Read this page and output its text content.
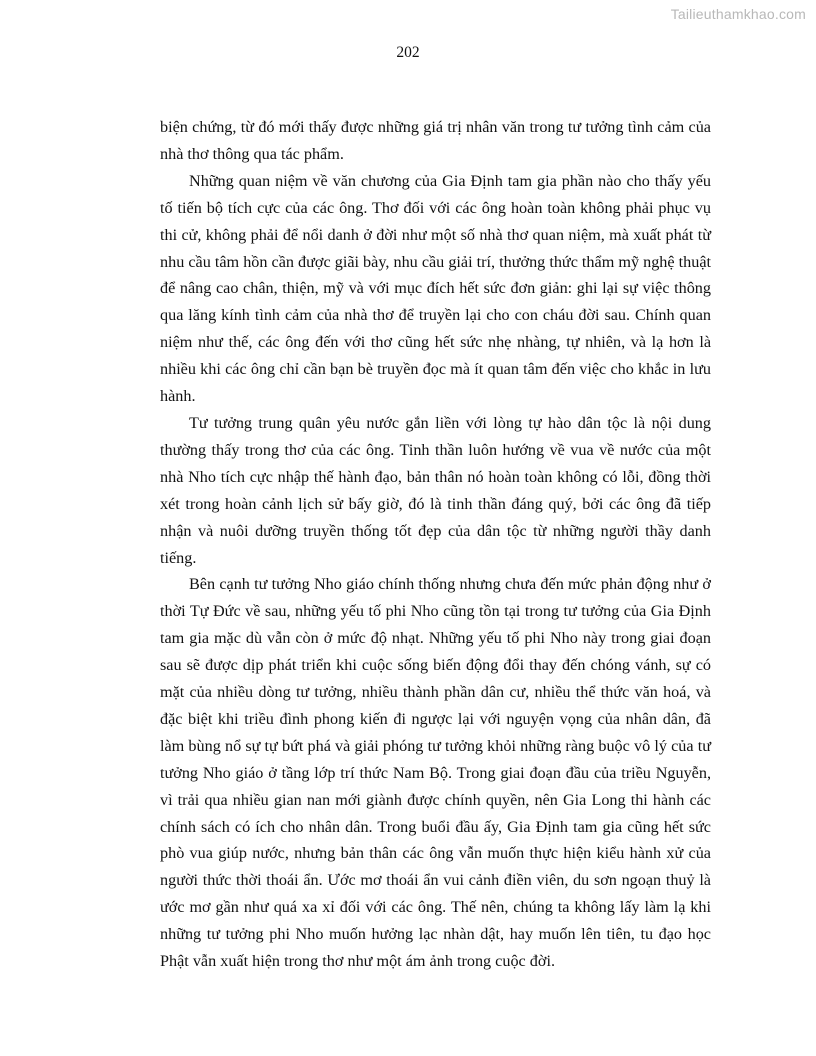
Tailieuthamkhao.com
202

biện chứng, từ đó mới thấy được những giá trị nhân văn trong tư tưởng tình cảm của nhà thơ thông qua tác phẩm.

Những quan niệm về văn chương của Gia Định tam gia phần nào cho thấy yếu tố tiến bộ tích cực của các ông. Thơ đối với các ông hoàn toàn không phải phục vụ thi cử, không phải để nổi danh ở đời như một số nhà thơ quan niệm, mà xuất phát từ nhu cầu tâm hồn cần được giãi bày, nhu cầu giải trí, thưởng thức thẩm mỹ nghệ thuật để nâng cao chân, thiện, mỹ và với mục đích hết sức đơn giản: ghi lại sự việc thông qua lăng kính tình cảm của nhà thơ để truyền lại cho con cháu đời sau. Chính quan niệm như thế, các ông đến với thơ cũng hết sức nhẹ nhàng, tự nhiên, và lạ hơn là nhiều khi các ông chỉ cần bạn bè truyền đọc mà ít quan tâm đến việc cho khắc in lưu hành.

Tư tưởng trung quân yêu nước gắn liền với lòng tự hào dân tộc là nội dung thường thấy trong thơ của các ông. Tinh thần luôn hướng về vua về nước của một nhà Nho tích cực nhập thế hành đạo, bản thân nó hoàn toàn không có lỗi, đồng thời xét trong hoàn cảnh lịch sử bấy giờ, đó là tinh thần đáng quý, bởi các ông đã tiếp nhận và nuôi dưỡng truyền thống tốt đẹp của dân tộc từ những người thầy danh tiếng.

Bên cạnh tư tưởng Nho giáo chính thống nhưng chưa đến mức phản động như ở thời Tự Đức về sau, những yếu tố phi Nho cũng tồn tại trong tư tưởng của Gia Định tam gia mặc dù vẫn còn ở mức độ nhạt. Những yếu tố phi Nho này trong giai đoạn sau sẽ được dịp phát triển khi cuộc sống biến động đổi thay đến chóng vánh, sự có mặt của nhiều dòng tư tưởng, nhiều thành phần dân cư, nhiều thể thức văn hoá, và đặc biệt khi triều đình phong kiến đi ngược lại với nguyện vọng của nhân dân, đã làm bùng nổ sự tự bứt phá và giải phóng tư tưởng khỏi những ràng buộc vô lý của tư tưởng Nho giáo ở tầng lớp trí thức Nam Bộ. Trong giai đoạn đầu của triều Nguyễn, vì trải qua nhiều gian nan mới giành được chính quyền, nên Gia Long thi hành các chính sách có ích cho nhân dân. Trong buổi đầu ấy, Gia Định tam gia cũng hết sức phò vua giúp nước, nhưng bản thân các ông vẫn muốn thực hiện kiểu hành xử của người thức thời thoái ẩn. Ước mơ thoái ẩn vui cảnh điền viên, du sơn ngoạn thuỷ là ước mơ gần như quá xa xỉ đối với các ông. Thế nên, chúng ta không lấy làm lạ khi những tư tưởng phi Nho muốn hưởng lạc nhàn dật, hay muốn lên tiên, tu đạo học Phật vẫn xuất hiện trong thơ như một ám ảnh trong cuộc đời.
